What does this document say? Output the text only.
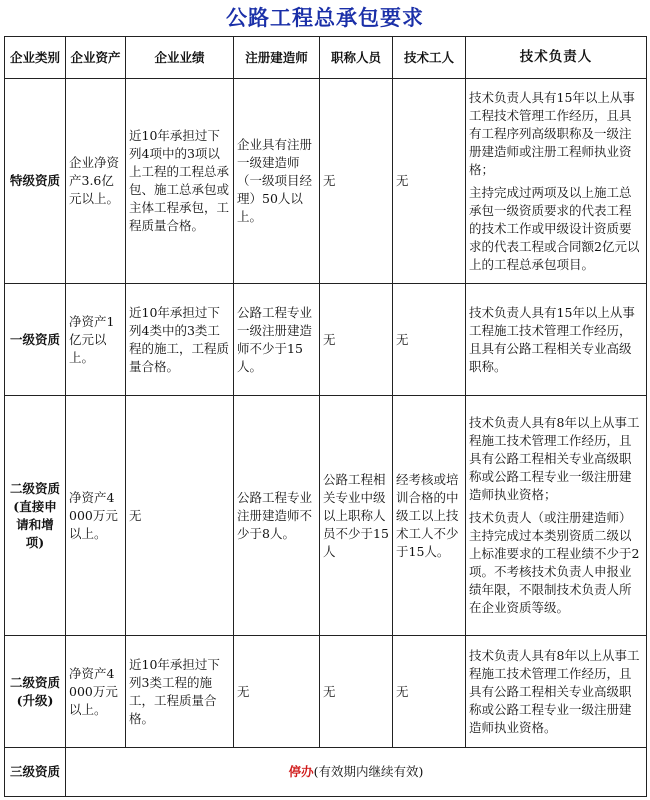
公路工程总承包要求
企业类别	企业资产	企业业绩	注册建造师	职称人员	技术工人	技术负责人
特级资质	企业净资产3.6亿元以上。	近10年承担过下列4项中的3项以上工程的工程总承包、施工总承包或主体工程承包，工程质量合格。	企业具有注册一级建造师（一级项目经理）50人以上。	无	无	技术负责人具有15年以上从事工程技术管理工作经历，且具有工程序列高级职称及一级注册建造师或注册工程师执业资格；

主持完成过两项及以上施工总承包一级资质要求的代表工程的技术工作或甲级设计资质要求的代表工程或合同额2亿元以上的工程总承包项目。

一级资质	净资产1亿元以上。	近10年承担过下列4类中的3类工程的施工，工程质量合格。	公路工程专业一级注册建造师不少于15人。	无	无	技术负责人具有15年以上从事工程施工技术管理工作经历，且具有公路工程相关专业高级职称。

二级资质(直接申请和增项)	净资产4000万元以上。	无	公路工程专业注册建造师不少于8人。	公路工程相关专业中级以上职称人员不少于15人	经考核或培训合格的中级工以上技术工人不少于15人。	技术负责人具有8年以上从事工程施工技术管理工作经历，且具有公路工程相关专业高级职称或公路工程专业一级注册建造师执业资格；

技术负责人（或注册建造师）主持完成过本类别资质二级以上标准要求的工程业绩不少于2项。不考核技术负责人申报业绩年限，不限制技术负责人所在企业资质等级。

二级资质(升级)	净资产4000万元以上。	近10年承担过下列3类工程的施工，工程质量合格。	无	无	无	技术负责人具有8年以上从事工程施工技术管理工作经历，且具有公路工程相关专业高级职称或公路工程专业一级注册建造师执业资格。

三级资质	停办(有效期内继续有效)					
